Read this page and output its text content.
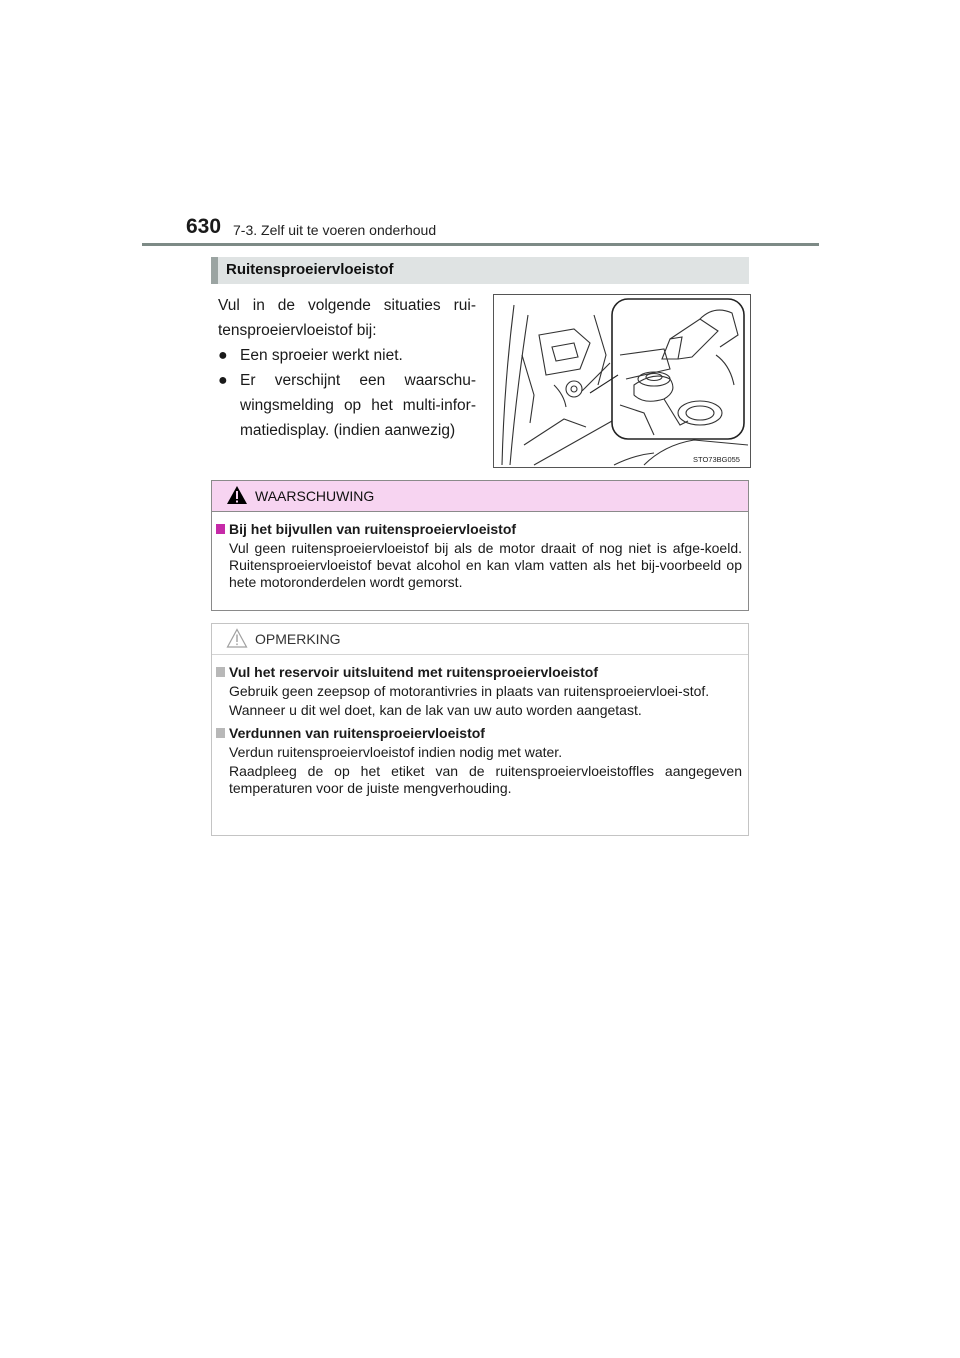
630 7-3. Zelf uit te voeren onderhoud
Ruitensproeiervloeistof

Vul in de volgende situaties rui-tensproeiervloeistof bij:

● Een sproeier werkt niet.
● Er verschijnt een waarschu-wingsmelding op het multi-infor-matiedisplay. (indien aanwezig)
STO73BG055
WAARSCHUWING
Bij het bijvullen van ruitensproeiervloeistof

Vul geen ruitensproeiervloeistof bij als de motor draait of nog niet is afge-koeld. Ruitensproeiervloeistof bevat alcohol en kan vlam vatten als het bij-voorbeeld op hete motoronderdelen wordt gemorst.

OPMERKING
Vul het reservoir uitsluitend met ruitensproeiervloeistof

Gebruik geen zeepsop of motorantivries in plaats van ruitensproeiervloei-stof.

Wanneer u dit wel doet, kan de lak van uw auto worden aangetast.

Verdunnen van ruitensproeiervloeistof

Verdun ruitensproeiervloeistof indien nodig met water.

Raadpleeg de op het etiket van de ruitensproeiervloeistoffles aangegeven temperaturen voor de juiste mengverhouding.
